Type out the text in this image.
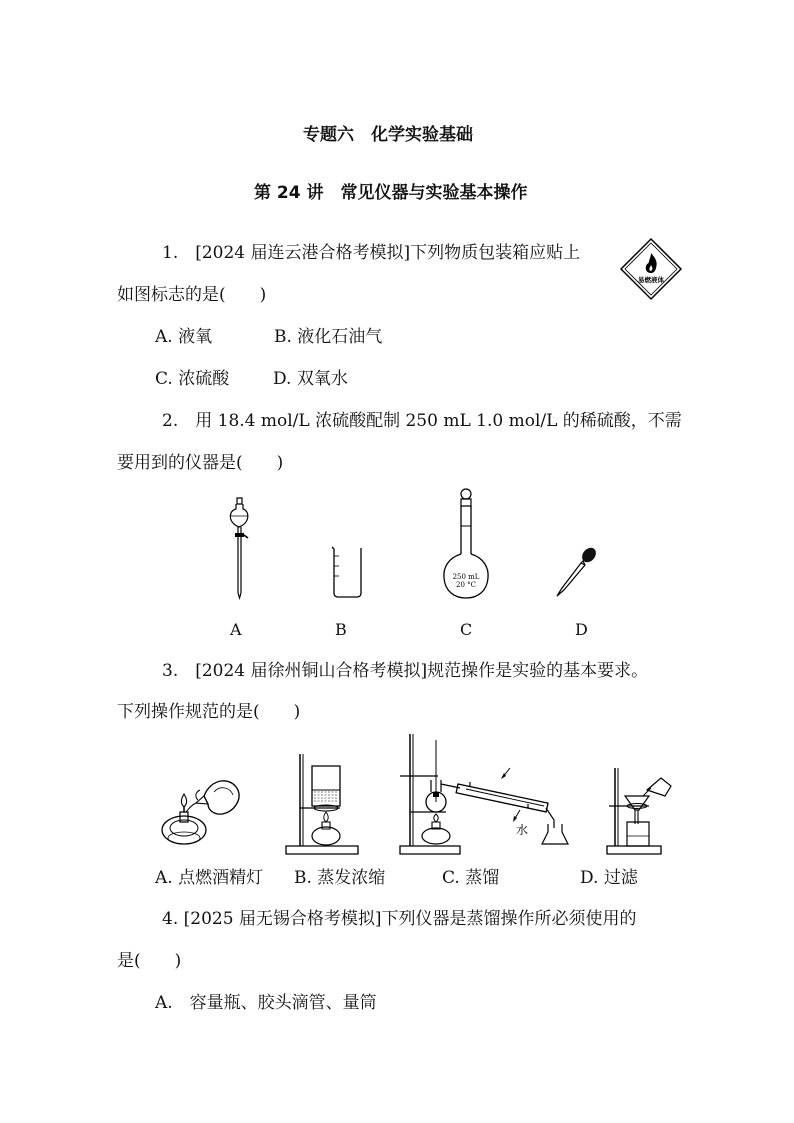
专题六　化学实验基础
第 24 讲　常见仪器与实验基本操作
1.　[2024 届连云港合格考模拟]下列物质包装箱应贴上
如图标志的是(　　)
易燃液体
A. 液氧	B. 液化石油气
C. 浓硫酸	D. 双氧水
2.　用 18.4 mol/L 浓硫酸配制 250 mL 1.0 mol/L 的稀硫酸，不需
要用到的仪器是(　　)
250 mL
20 °C
A	B	C	D
3.　[2024 届徐州铜山合格考模拟]规范操作是实验的基本要求。
下列操作规范的是(　　)
水
A. 点燃酒精灯 B. 蒸发浓缩	C. 蒸馏	D. 过滤
4. [2025 届无锡合格考模拟]下列仪器是蒸馏操作所必须使用的
是(　　)
A.　容量瓶、胶头滴管、量筒
